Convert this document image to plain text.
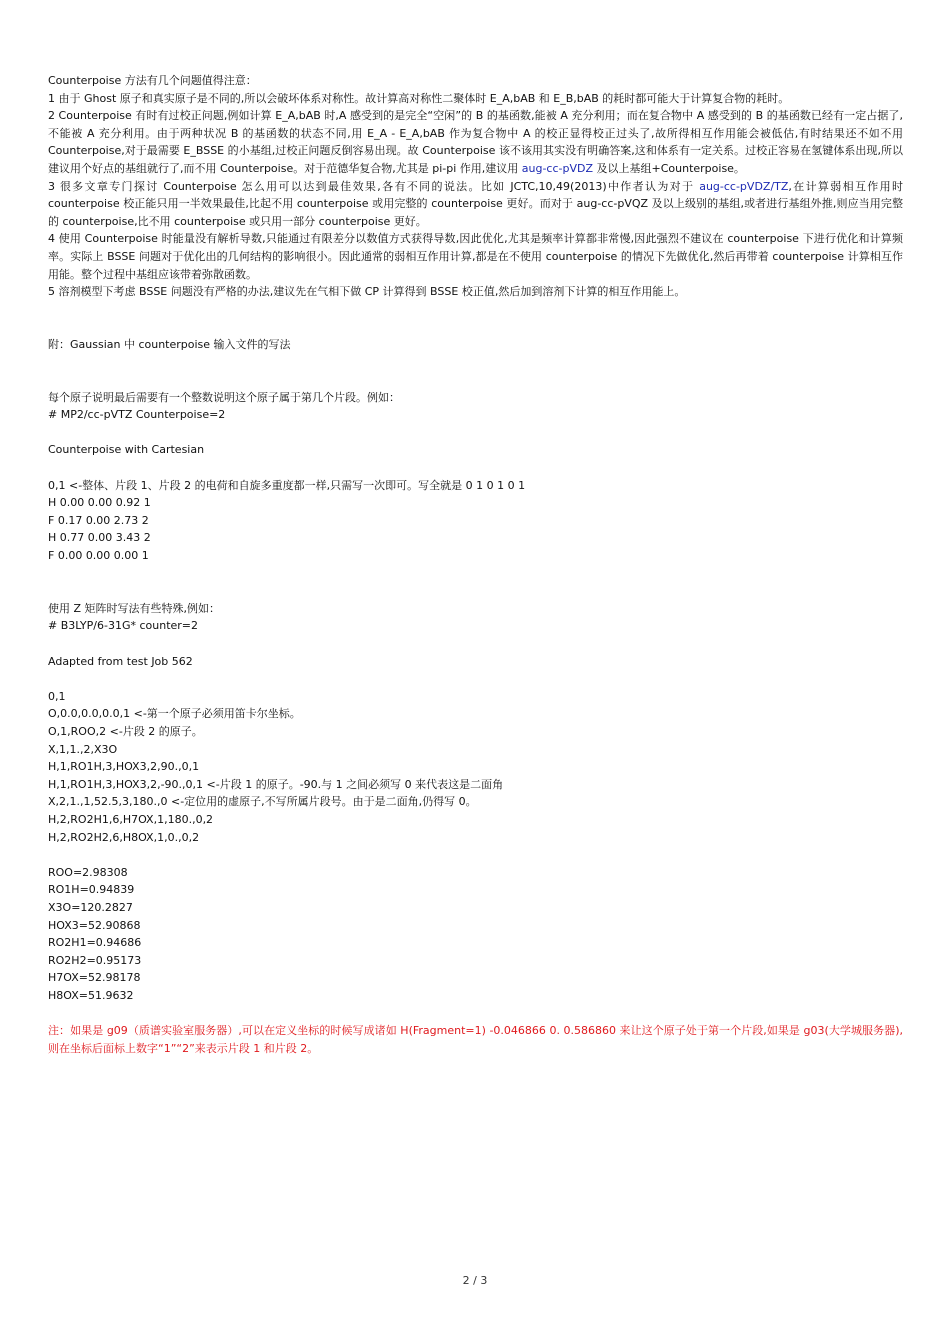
Counterpoise 方法有几个问题值得注意：

1 由于 Ghost 原子和真实原子是不同的,所以会破坏体系对称性。故计算高对称性二聚体时 E_A,bAB 和 E_B,bAB 的耗时都可能大于计算复合物的耗时。

2 Counterpoise 有时有过校正问题,例如计算 E_A,bAB 时,A 感受到的是完全“空闲”的 B 的基函数,能被 A 充分利用；而在复合物中 A 感受到的 B 的基函数已经有一定占据了,不能被 A 充分利用。由于两种状况 B 的基函数的状态不同,用 E_A - E_A,bAB 作为复合物中 A 的校正显得校正过头了,故所得相互作用能会被低估,有时结果还不如不用 Counterpoise,对于最需要 E_BSSE 的小基组,过校正问题反倒容易出现。故 Counterpoise 该不该用其实没有明确答案,这和体系有一定关系。过校正容易在氢键体系出现,所以建议用个好点的基组就行了,而不用 Counterpoise。对于范德华复合物,尤其是 pi-pi 作用,建议用 aug-cc-pVDZ 及以上基组+Counterpoise。

3 很多文章专门探讨 Counterpoise 怎么用可以达到最佳效果,各有不同的说法。比如 JCTC,10,49(2013)中作者认为对于 aug-cc-pVDZ/TZ,在计算弱相互作用时 counterpoise 校正能只用一半效果最佳,比起不用 counterpoise 或用完整的 counterpoise 更好。而对于 aug-cc-pVQZ 及以上级别的基组,或者进行基组外推,则应当用完整的 counterpoise,比不用 counterpoise 或只用一部分 counterpoise 更好。

4 使用 Counterpoise 时能量没有解析导数,只能通过有限差分以数值方式获得导数,因此优化,尤其是频率计算都非常慢,因此强烈不建议在 counterpoise 下进行优化和计算频率。实际上 BSSE 问题对于优化出的几何结构的影响很小。因此通常的弱相互作用计算,都是在不使用 counterpoise 的情况下先做优化,然后再带着 counterpoise 计算相互作用能。整个过程中基组应该带着弥散函数。

5 溶剂模型下考虑 BSSE 问题没有严格的办法,建议先在气相下做 CP 计算得到 BSSE 校正值,然后加到溶剂下计算的相互作用能上。

附：Gaussian 中 counterpoise 输入文件的写法

每个原子说明最后需要有一个整数说明这个原子属于第几个片段。例如：

# MP2/cc-pVTZ Counterpoise=2

Counterpoise with Cartesian

0,1 <-整体、片段 1、片段 2 的电荷和自旋多重度都一样,只需写一次即可。写全就是 0 1 0 1 0 1

H 0.00 0.00 0.92 1

F 0.17 0.00 2.73 2

H 0.77 0.00 3.43 2

F 0.00 0.00 0.00 1

使用 Z 矩阵时写法有些特殊,例如：

# B3LYP/6-31G* counter=2

Adapted from test Job 562

0,1

O,0.0,0.0,0.0,1 <-第一个原子必须用笛卡尔坐标。

O,1,ROO,2 <-片段 2 的原子。

X,1,1.,2,X3O

H,1,RO1H,3,HOX3,2,90.,0,1

H,1,RO1H,3,HOX3,2,-90.,0,1 <-片段 1 的原子。-90.与 1 之间必须写 0 来代表这是二面角

X,2,1.,1,52.5,3,180.,0 <-定位用的虚原子,不写所属片段号。由于是二面角,仍得写 0。

H,2,RO2H1,6,H7OX,1,180.,0,2

H,2,RO2H2,6,H8OX,1,0.,0,2

ROO=2.98308

RO1H=0.94839

X3O=120.2827

HOX3=52.90868

RO2H1=0.94686

RO2H2=0.95173

H7OX=52.98178

H8OX=51.9632

注：如果是 g09（质谱实验室服务器）,可以在定义坐标的时候写成诸如 H(Fragment=1) -0.046866 0. 0.586860 来让这个原子处于第一个片段,如果是 g03(大学城服务器),则在坐标后面标上数字“1”“2”来表示片段 1 和片段 2。

2 / 3
